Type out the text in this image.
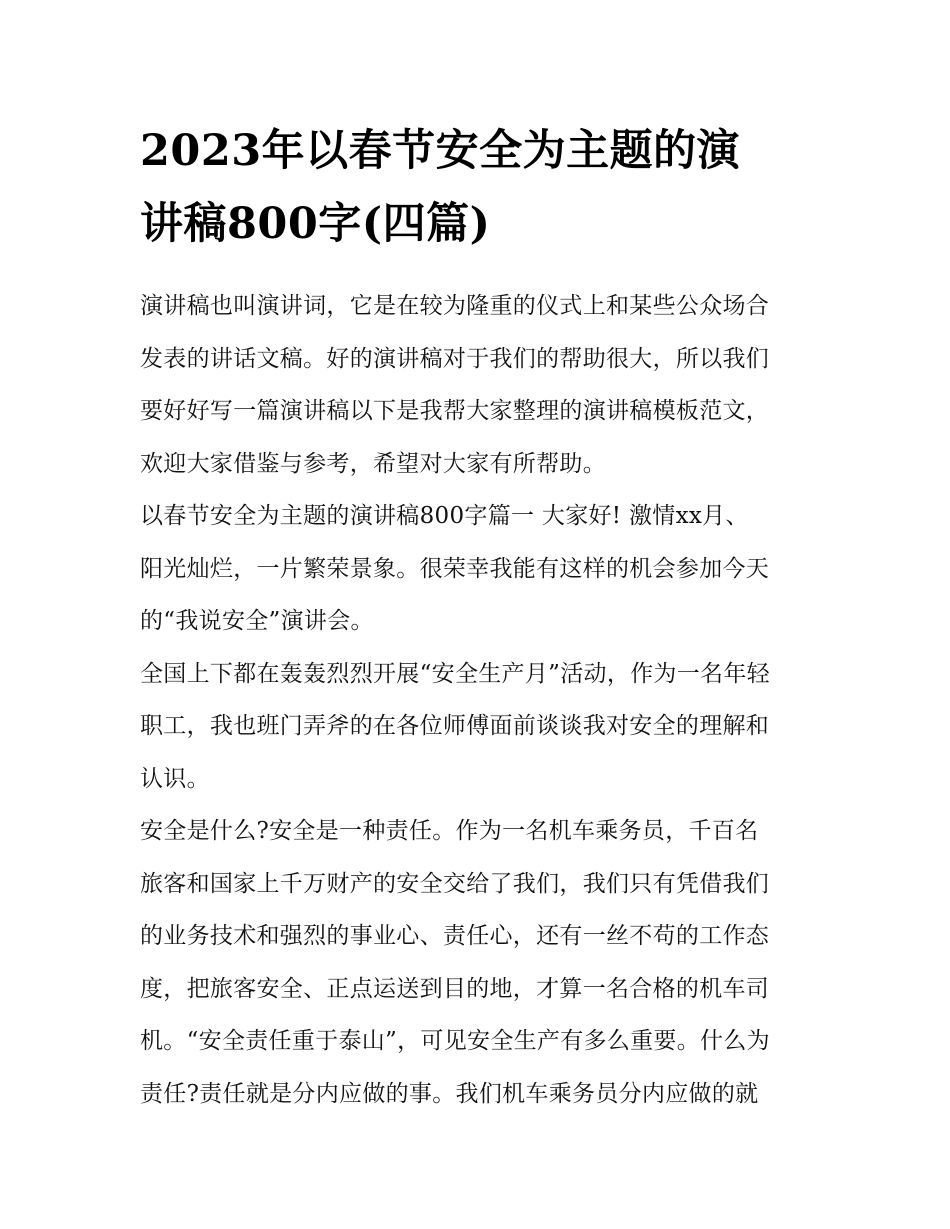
2023年以春节安全为主题的演
讲稿800字(四篇)

演讲稿也叫演讲词，它是在较为隆重的仪式上和某些公众场合
发表的讲话文稿。好的演讲稿对于我们的帮助很大，所以我们
要好好写一篇演讲稿以下是我帮大家整理的演讲稿模板范文，
欢迎大家借鉴与参考，希望对大家有所帮助。

以春节安全为主题的演讲稿800字篇一 大家好! 激情xx月、
阳光灿烂，一片繁荣景象。很荣幸我能有这样的机会参加今天
的“我说安全”演讲会。

全国上下都在轰轰烈烈开展“安全生产月”活动，作为一名年轻
职工，我也班门弄斧的在各位师傅面前谈谈我对安全的理解和
认识。

安全是什么?安全是一种责任。作为一名机车乘务员，千百名
旅客和国家上千万财产的安全交给了我们，我们只有凭借我们
的业务技术和强烈的事业心、责任心，还有一丝不苟的工作态
度，把旅客安全、正点运送到目的地，才算一名合格的机车司
机。“安全责任重于泰山”，可见安全生产有多么重要。什么为
责任?责任就是分内应做的事。我们机车乘务员分内应做的就
